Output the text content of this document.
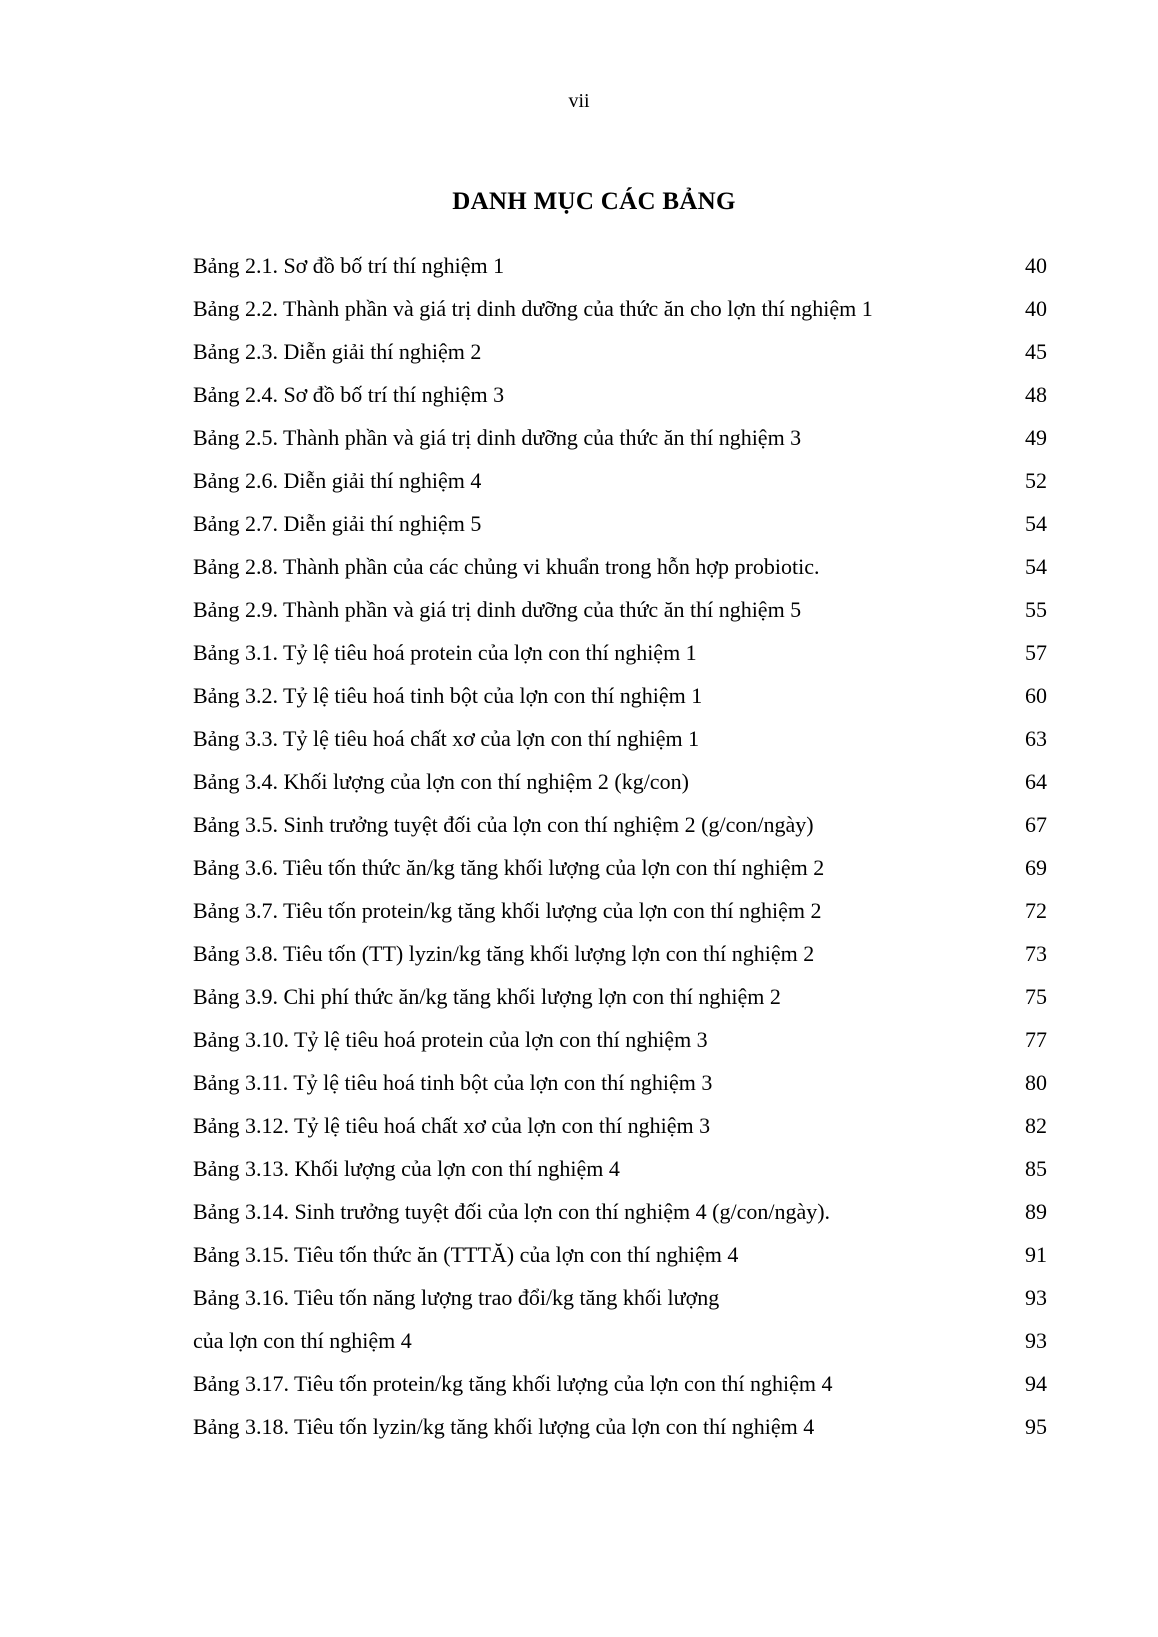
vii
DANH MỤC CÁC BẢNG
Bảng 2.1. Sơ đồ bố trí thí nghiệm 1	40
Bảng 2.2. Thành phần và giá trị dinh dưỡng của thức ăn cho lợn thí nghiệm 1	40
Bảng 2.3. Diễn giải thí nghiệm 2	45
Bảng 2.4. Sơ đồ bố trí thí nghiệm 3	48
Bảng 2.5. Thành phần và giá trị dinh dưỡng của thức ăn thí nghiệm 3	49
Bảng 2.6. Diễn giải thí nghiệm 4	52
Bảng 2.7. Diễn giải thí nghiệm 5	54
Bảng 2.8. Thành phần của các chủng vi khuẩn trong hỗn hợp probiotic.	54
Bảng 2.9. Thành phần và giá trị dinh dưỡng của thức ăn thí nghiệm 5	55
Bảng 3.1. Tỷ lệ tiêu hoá protein của lợn con thí nghiệm 1	57
Bảng 3.2. Tỷ lệ tiêu hoá tinh bột của lợn con thí nghiệm 1	60
Bảng 3.3. Tỷ lệ tiêu hoá chất xơ của lợn con thí nghiệm 1	63
Bảng 3.4. Khối lượng của lợn con thí nghiệm 2 (kg/con)	64
Bảng 3.5. Sinh trưởng tuyệt đối của lợn con thí nghiệm 2 (g/con/ngày)	67
Bảng 3.6. Tiêu tốn thức ăn/kg tăng khối lượng của lợn con thí nghiệm 2	69
Bảng 3.7. Tiêu tốn protein/kg tăng khối lượng của lợn con thí nghiệm 2	72
Bảng 3.8. Tiêu tốn (TT) lyzin/kg tăng khối lượng lợn con thí nghiệm 2	73
Bảng 3.9. Chi phí thức ăn/kg tăng khối lượng lợn con thí nghiệm 2	75
Bảng 3.10. Tỷ lệ tiêu hoá protein của lợn con thí nghiệm 3	77
Bảng 3.11. Tỷ lệ tiêu hoá tinh bột của lợn con thí nghiệm 3	80
Bảng 3.12. Tỷ lệ tiêu hoá chất xơ của lợn con thí nghiệm 3	82
Bảng 3.13. Khối lượng của lợn con thí nghiệm 4	85
Bảng 3.14. Sinh trưởng tuyệt đối của lợn con thí nghiệm 4 (g/con/ngày).	89
Bảng 3.15. Tiêu tốn thức ăn (TTTĂ) của lợn con thí nghiệm 4	91
Bảng 3.16. Tiêu tốn năng lượng trao đổi/kg tăng khối lượng	93
của lợn con thí nghiệm 4	93
Bảng 3.17. Tiêu tốn protein/kg tăng khối lượng của lợn con thí nghiệm 4	94
Bảng 3.18. Tiêu tốn lyzin/kg tăng khối lượng của lợn con thí nghiệm 4	95
